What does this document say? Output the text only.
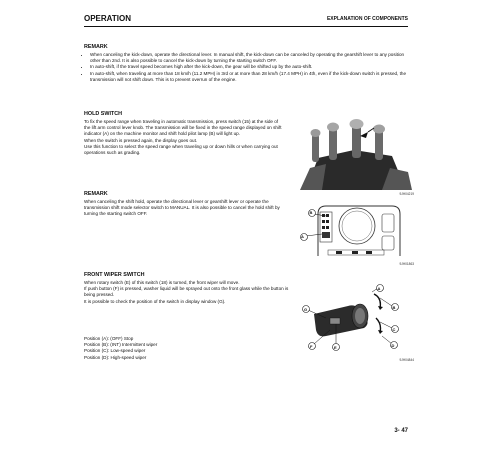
OPERATION	EXPLANATION OF COMPONENTS
REMARK
• When canceling the kick-down, operate the directional lever. In manual shift, the kick-down can be canceled by operating the gearshift lever to any position other than 2nd. It is also possible to cancel the kick-down by turning the starting switch OFF.
• In auto-shift, if the travel speed becomes high after the kick-down, the gear will be shifted up by the auto-shift.
• In auto-shift, when traveling at more than 18 km/h (11.2 MPH) in 3rd or at more than 28 km/h (17.4 MPH) in 4th, even if the kick-down switch is pressed, the transmission will not shift down. This is to prevent overrun of the engine.
HOLD SWITCH
To fix the speed range when traveling in automatic transmission, press switch (15) at the side of the lift arm control lever knob. The transmission will be fixed in the speed range displayed on shift indicator (A) on the machine monitor and shift hold pilot lamp (B) will light up.
When the switch is pressed again, the display goes out.
Use this function to select the speed range when traveling up or down hills or when carrying out operations such as grading.
9JH04219
REMARK
When canceling the shift hold, operate the directional lever or gearshift lever or operate the transmission shift mode selector switch to MANUAL. It is also possible to cancel the hold shift by turning the starting switch OFF.
A
B
9JH01863
FRONT WIPER SWITCH
When rotary switch (E) of this switch (18) is turned, the front wiper will move.
If push button (F) is pressed, washer liquid will be sprayed out onto the front glass while the button is being pressed.
It is possible to check the position of the switch in display window (G).
Position (A): (OFF) Stop
Position (B): (INT) Intermittent wiper
Position (C): Low-speed wiper
Position (D): High-speed wiper
A
B
C
D
G
F	E
9JH04844
3- 47
